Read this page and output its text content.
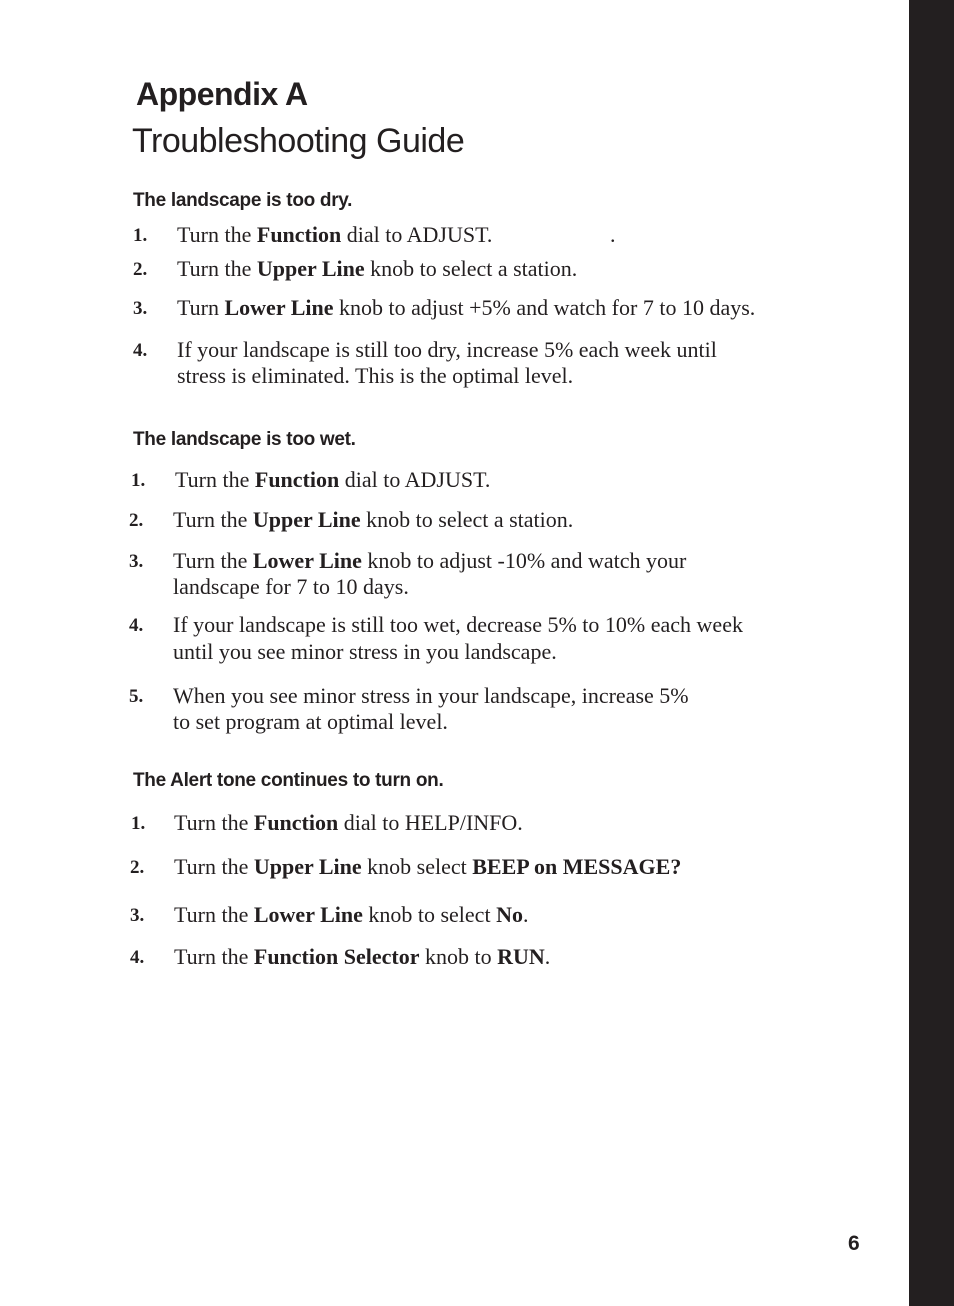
Appendix A
Troubleshooting Guide
The landscape is too dry.
1. Turn the Function dial to ADJUST.	.
2. Turn the Upper Line knob to select a station.
3. Turn Lower Line knob to adjust +5% and watch for 7 to 10 days.
4. If your landscape is still too dry, increase 5% each week until
stress is eliminated. This is the optimal level.
The landscape is too wet.
1. Turn the Function dial to ADJUST.
2. Turn the Upper Line knob to select a station.
3. Turn the Lower Line knob to adjust -10% and watch your
landscape for 7 to 10 days.
4. If your landscape is still too wet, decrease 5% to 10% each week
until you see minor stress in you landscape.
5. When you see minor stress in your landscape, increase 5%
to set program at optimal level.
The Alert tone continues to turn on.
1. Turn the Function dial to HELP/INFO.
2. Turn the Upper Line knob select BEEP on MESSAGE?
3. Turn the Lower Line knob to select No.
4. Turn the Function Selector knob to RUN.
6
